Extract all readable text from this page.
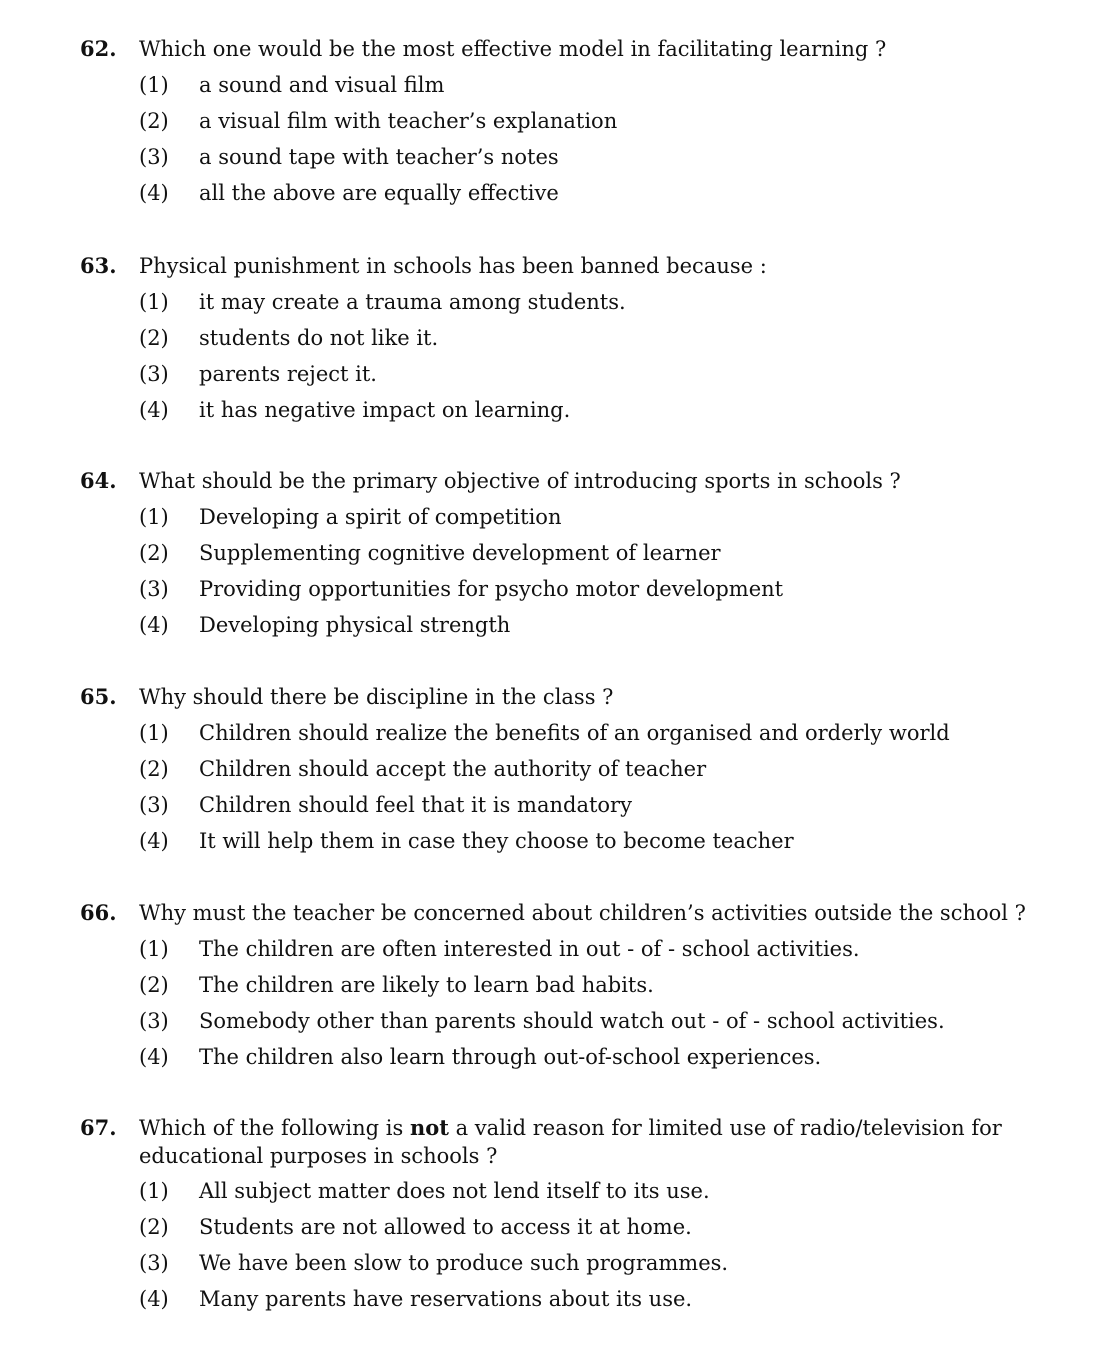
62. Which one would be the most effective model in facilitating learning ?
(1) a sound and visual film
(2) a visual film with teacher’s explanation
(3) a sound tape with teacher’s notes
(4) all the above are equally effective
63. Physical punishment in schools has been banned because :
(1) it may create a trauma among students.
(2) students do not like it.
(3) parents reject it.
(4) it has negative impact on learning.
64. What should be the primary objective of introducing sports in schools ?
(1) Developing a spirit of competition
(2) Supplementing cognitive development of learner
(3) Providing opportunities for psycho motor development
(4) Developing physical strength
65. Why should there be discipline in the class ?
(1) Children should realize the benefits of an organised and orderly world
(2) Children should accept the authority of teacher
(3) Children should feel that it is mandatory
(4) It will help them in case they choose to become teacher
66. Why must the teacher be concerned about children’s activities outside the school ?
(1) The children are often interested in out - of - school activities.
(2) The children are likely to learn bad habits.
(3) Somebody other than parents should watch out - of - school activities.
(4) The children also learn through out-of-school experiences.
67. Which of the following is not a valid reason for limited use of radio/television for educational purposes in schools ?
(1) All subject matter does not lend itself to its use.
(2) Students are not allowed to access it at home.
(3) We have been slow to produce such programmes.
(4) Many parents have reservations about its use.
